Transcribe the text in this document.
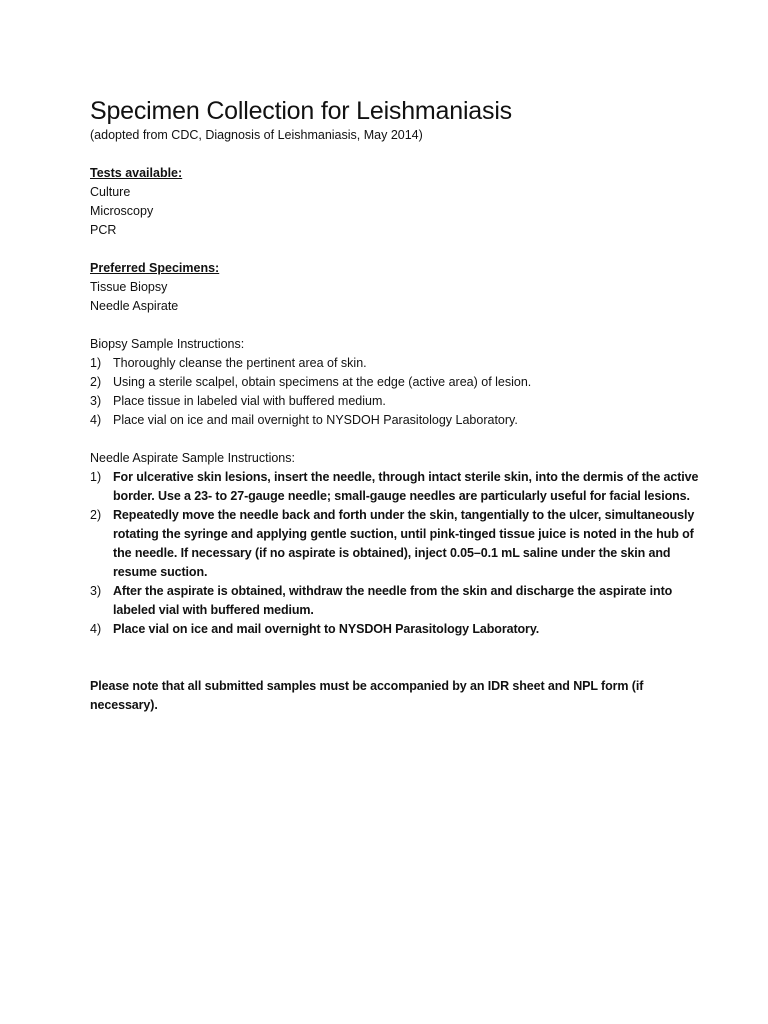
Specimen Collection for Leishmaniasis

(adopted from CDC, Diagnosis of Leishmaniasis, May 2014)

Tests available:

Culture
Microscopy
PCR

Preferred Specimens:

Tissue Biopsy
Needle Aspirate

Biopsy Sample Instructions:

1) Thoroughly cleanse the pertinent area of skin.
2) Using a sterile scalpel, obtain specimens at the edge (active area) of lesion.
3) Place tissue in labeled vial with buffered medium.
4) Place vial on ice and mail overnight to NYSDOH Parasitology Laboratory.

Needle Aspirate Sample Instructions:

1) For ulcerative skin lesions, insert the needle, through intact sterile skin, into the dermis of the active border. Use a 23- to 27-gauge needle; small-gauge needles are particularly useful for facial lesions.
2) Repeatedly move the needle back and forth under the skin, tangentially to the ulcer, simultaneously rotating the syringe and applying gentle suction, until pink-tinged tissue juice is noted in the hub of the needle. If necessary (if no aspirate is obtained), inject 0.05–0.1 mL saline under the skin and resume suction.
3) After the aspirate is obtained, withdraw the needle from the skin and discharge the aspirate into labeled vial with buffered medium.
4) Place vial on ice and mail overnight to NYSDOH Parasitology Laboratory.

Please note that all submitted samples must be accompanied by an IDR sheet and NPL form (if necessary).
